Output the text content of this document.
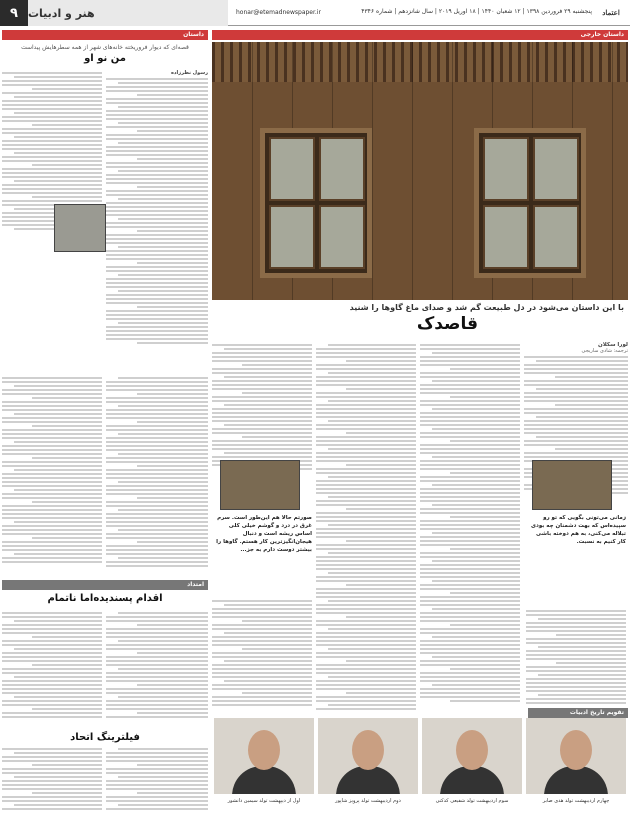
۹ هنر و ادبیات	honar@etemadnewspaper.ir	پنجشنبه ۲۹ فروردین ۱۳۹۸ | ۱۲ شعبان ۱۴۴۰ | ۱۸ آوریل ۲۰۱۹ | سال شانزدهم | شماره ۴۳۴۶	اعتماد
داستان
قصه‌ای که دیوار فروریخته خانه‌های شهر از همه سطرهایش پیداست
من نو او
رسول نظرزاده
امتداد
اقدام پسندیده‌ا‌ما ناتمام
فیلترینگ اتحاد
داستان خارجی
با این داستان می‌شود در دل طبیعت گم شد و صدای ماغ گاوها را شنید
قاصدک
لورا سکلان
ترجمه: شادی ساریجی
صورتم حالا هم این‌طور است. سرم غرق در درد و گوشم خیلی کلی اساس ریشه است و دنبال هیجان‌انگیز‌ترین کار هستم. گاو‌ها را بیشتر دوست دارم به جز...
زمانی می‌تونی بگویی که تو رو سپیده‌اس که بهت دشمنان چه بودی تبلاله می‌کنی، به هم دوخته باشی کار کنیم به نسبت.
تقویم تاریخ ادبیات
اول از دیپهشت تولد سیمین دانشور	دوم اردیبهشت تولد پرویز شاپور	سوم اردیبهشت تولد شفیعی کدکنی	چهارم اردیبهشت تولد هدی صابر
